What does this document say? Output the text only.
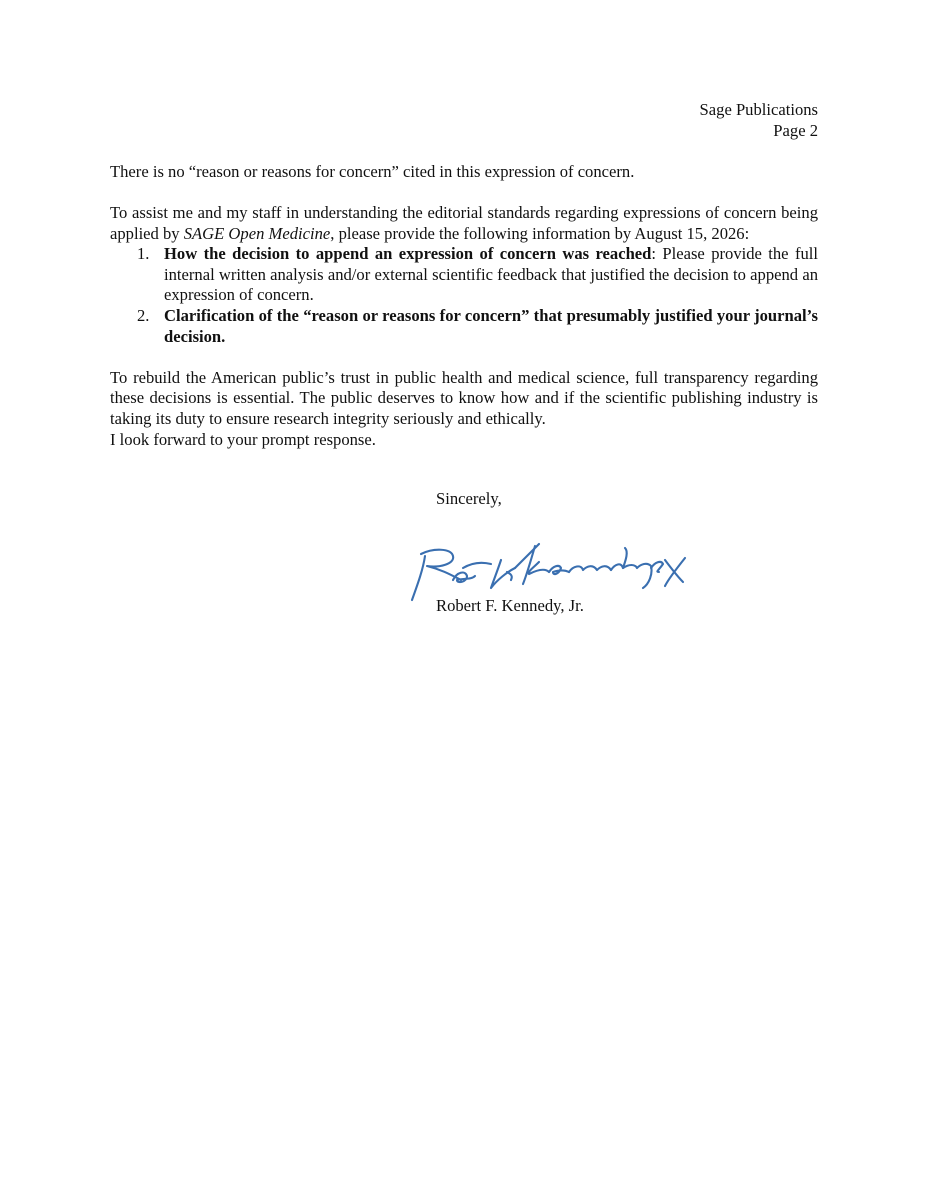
Sage Publications
Page 2

There is no “reason or reasons for concern” cited in this expression of concern.

To assist me and my staff in understanding the editorial standards regarding expressions of concern being applied by SAGE Open Medicine, please provide the following information by August 15, 2026:

1. How the decision to append an expression of concern was reached: Please provide the full internal written analysis and/or external scientific feedback that justified the decision to append an expression of concern.
2. Clarification of the “reason or reasons for concern” that presumably justified your journal’s decision.

To rebuild the American public’s trust in public health and medical science, full transparency regarding these decisions is essential. The public deserves to know how and if the scientific publishing industry is taking its duty to ensure research integrity seriously and ethically.

I look forward to your prompt response.

Sincerely,
Robert F. Kennedy, Jr.
